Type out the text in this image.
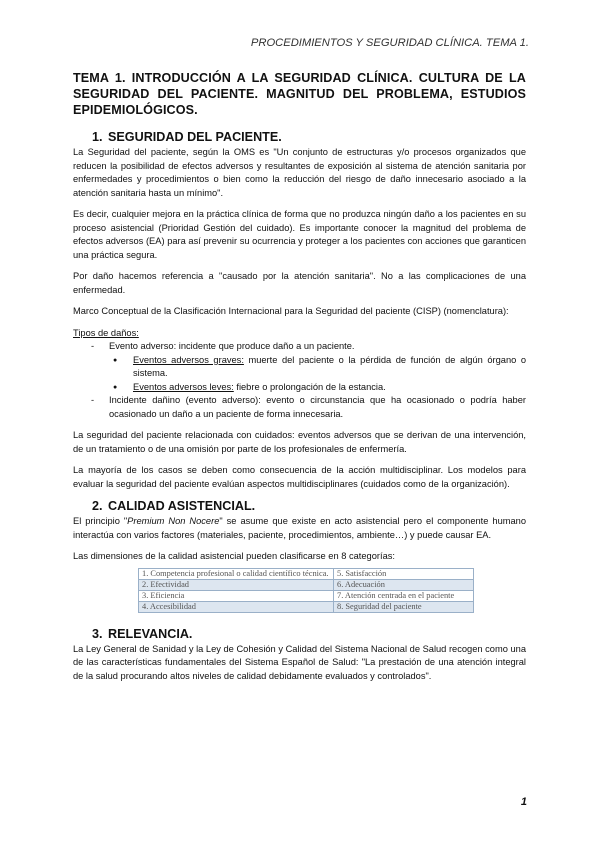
PROCEDIMIENTOS Y SEGURIDAD CLÍNICA. TEMA 1.
TEMA 1. INTRODUCCIÓN A LA SEGURIDAD CLÍNICA. CULTURA DE LA SEGURIDAD DEL PACIENTE. MAGNITUD DEL PROBLEMA, ESTUDIOS EPIDEMIOLÓGICOS.
1. SEGURIDAD DEL PACIENTE.

La Seguridad del paciente, según la OMS es "Un conjunto de estructuras y/o procesos organizados que reducen la posibilidad de efectos adversos y resultantes de exposición al sistema de atención sanitaria por enfermedades y procedimientos o bien como la reducción del riesgo de daño innecesario asociado a la atención sanitaria hasta un mínimo".

Es decir, cualquier mejora en la práctica clínica de forma que no produzca ningún daño a los pacientes en su proceso asistencial (Prioridad Gestión del cuidado). Es importante conocer la magnitud del problema de efectos adversos (EA) para así prevenir su ocurrencia y proteger a los pacientes con acciones que garanticen una práctica segura.

Por daño hacemos referencia a "causado por la atención sanitaria". No a las complicaciones de una enfermedad.

Marco Conceptual de la Clasificación Internacional para la Seguridad del paciente (CISP) (nomenclatura):

Tipos de daños:

- Evento adverso: incidente que produce daño a un paciente.
● Eventos adversos graves: muerte del paciente o la pérdida de función de algún órgano o sistema.
● Eventos adversos leves: fiebre o prolongación de la estancia.
- Incidente dañino (evento adverso): evento o circunstancia que ha ocasionado o podría haber ocasionado un daño a un paciente de forma innecesaria.

La seguridad del paciente relacionada con cuidados: eventos adversos que se derivan de una intervención, de un tratamiento o de una omisión por parte de los profesionales de enfermería.

La mayoría de los casos se deben como consecuencia de la acción multidisciplinar. Los modelos para evaluar la seguridad del paciente evalúan aspectos multidisciplinares (cuidados como de la organización).

2. CALIDAD ASISTENCIAL.

El principio "Premium Non Nocere" se asume que existe en acto asistencial pero el componente humano interactúa con varios factores (materiales, paciente, procedimientos, ambiente…) y puede causar EA.

Las dimensiones de la calidad asistencial pueden clasificarse en 8 categorías:

1. Competencia profesional o calidad científico técnica.	5. Satisfacción
2. Efectividad	6. Adecuación
3. Eficiencia	7. Atención centrada en el paciente
4. Accesibilidad	8. Seguridad del paciente
3. RELEVANCIA.

La Ley General de Sanidad y la Ley de Cohesión y Calidad del Sistema Nacional de Salud recogen como una de las características fundamentales del Sistema Español de Salud: "La prestación de una atención integral de la salud procurando altos niveles de calidad debidamente evaluados y controlados".

1
